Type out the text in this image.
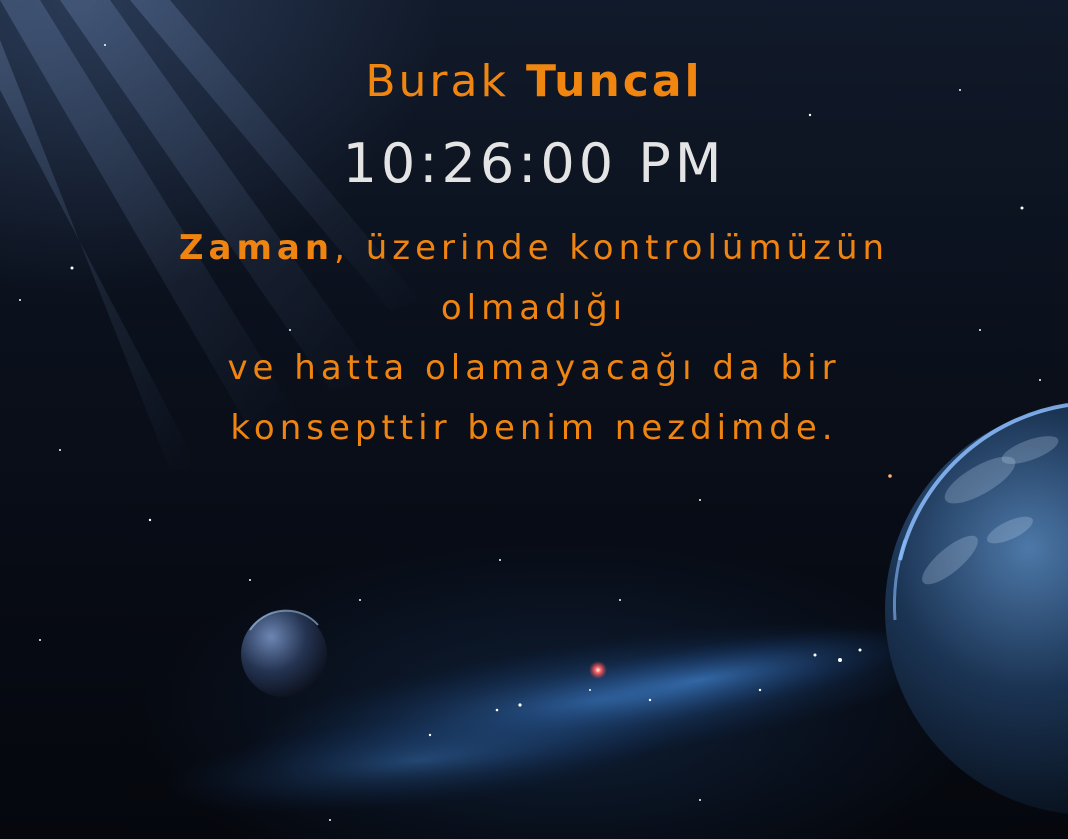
Burak Tuncal
10:26:00 PM
Zaman, üzerinde kontrolümüzün
olmadığı
ve hatta olamayacağı da bir
konsepttir benim nezdimde.
